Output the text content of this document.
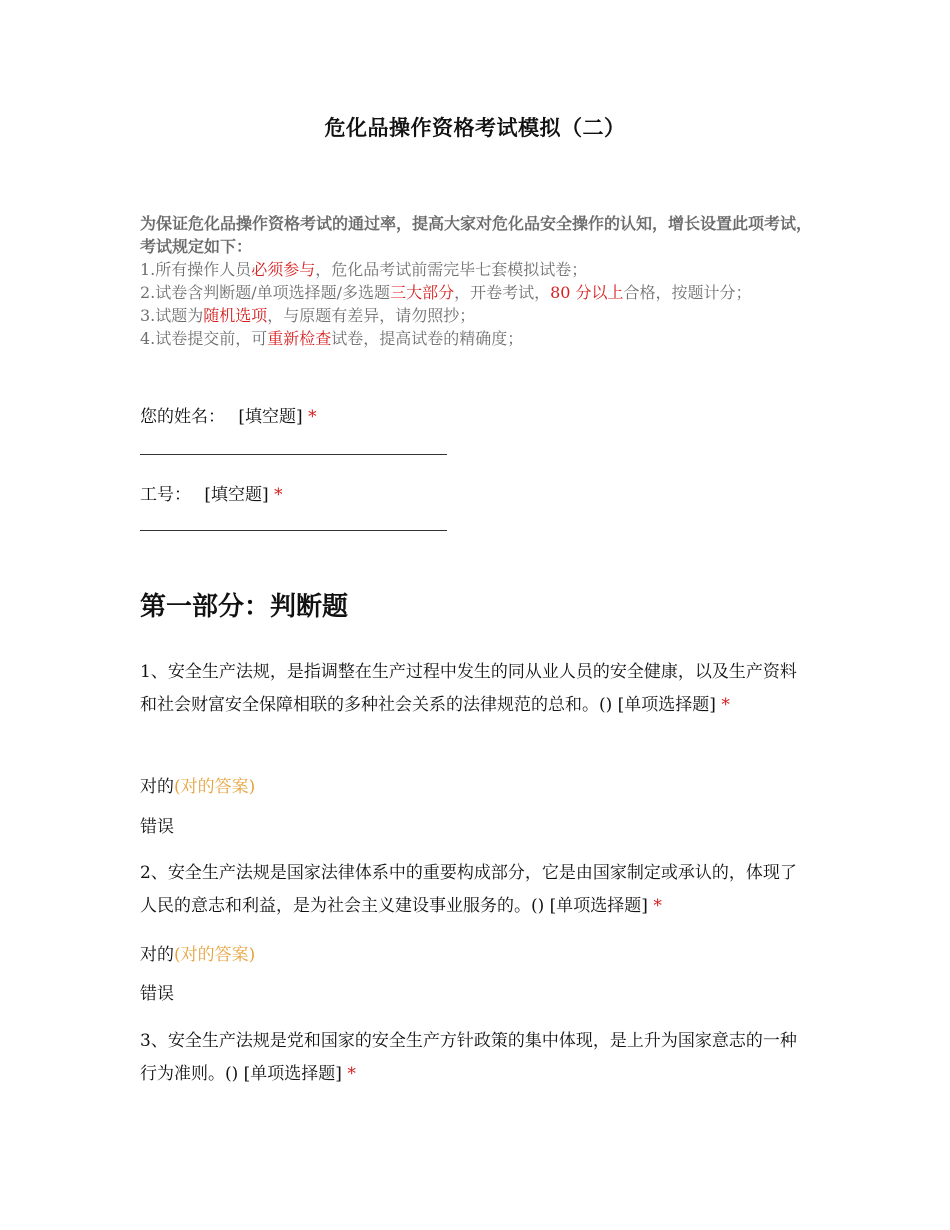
危化品操作资格考试模拟（二）
为保证危化品操作资格考试的通过率，提高大家对危化品安全操作的认知，增长设置此项考试，考试规定如下：
1.所有操作人员必须参与，危化品考试前需完毕七套模拟试卷；
2.试卷含判断题/单项选择题/多选题三大部分，开卷考试，80 分以上合格，按题计分；
3.试题为随机选项，与原题有差异，请勿照抄；
4.试卷提交前，可重新检查试卷，提高试卷的精确度；
您的姓名： [填空题] *
工号： [填空题] *
第一部分：判断题
1、安全生产法规，是指调整在生产过程中发生的同从业人员的安全健康，以及生产资料和社会财富安全保障相联的多种社会关系的法律规范的总和。() [单项选择题] *
对的(对的答案)
错误
2、安全生产法规是国家法律体系中的重要构成部分，它是由国家制定或承认的，体现了人民的意志和利益，是为社会主义建设事业服务的。() [单项选择题] *
对的(对的答案)
错误
3、安全生产法规是党和国家的安全生产方针政策的集中体现，是上升为国家意志的一种行为准则。() [单项选择题] *
